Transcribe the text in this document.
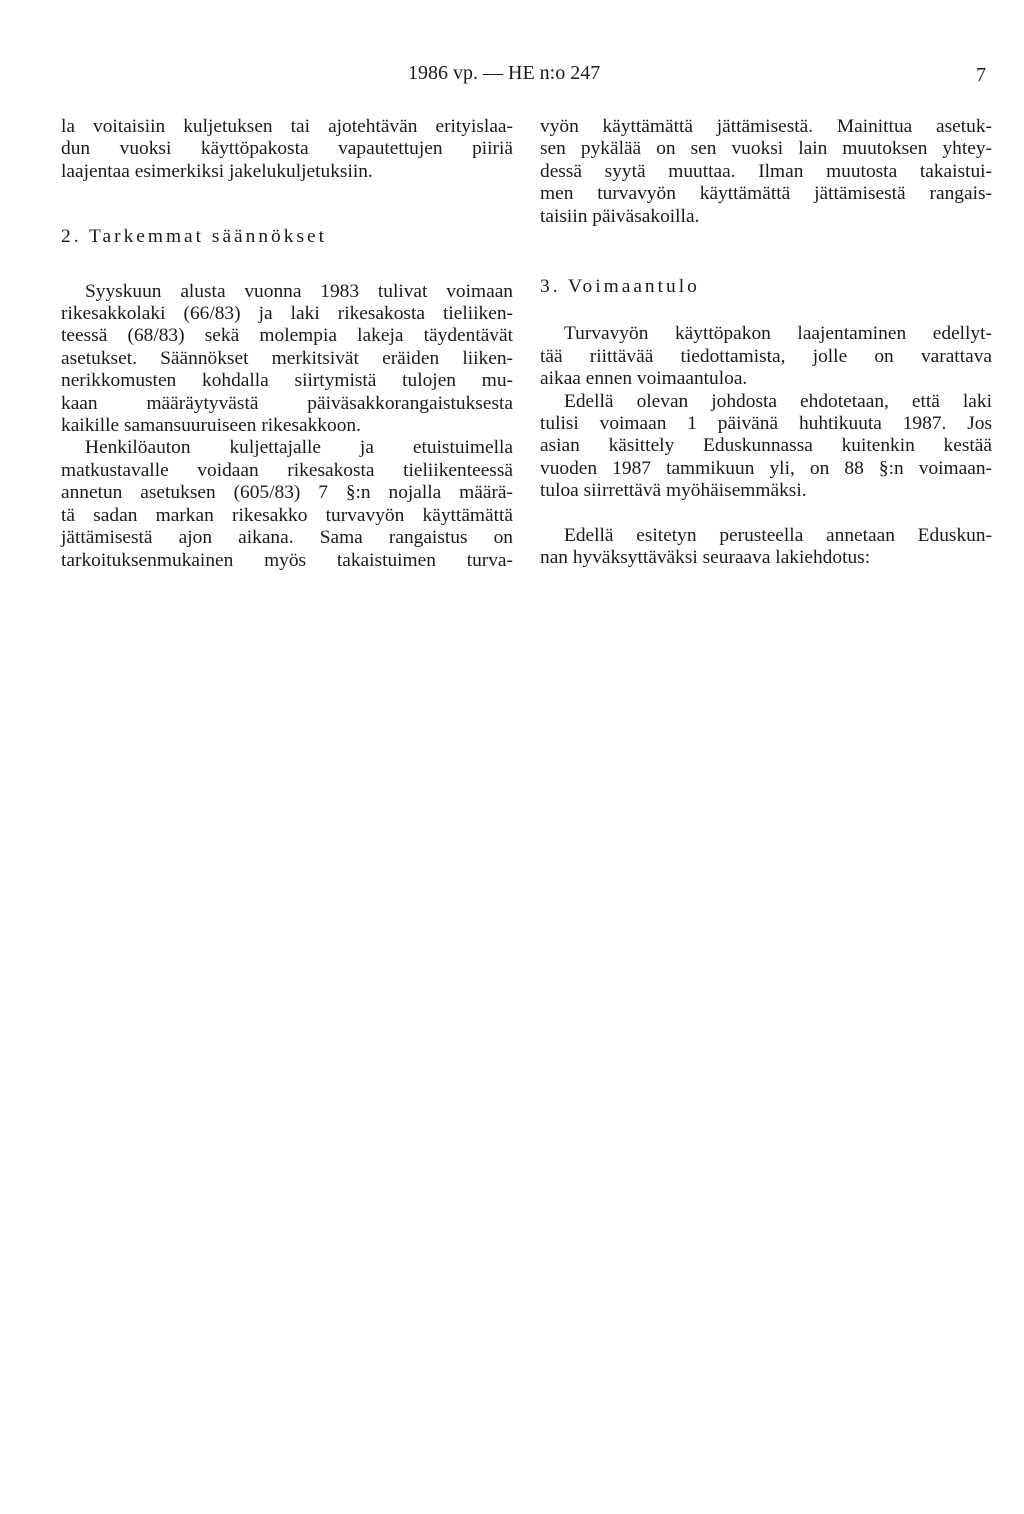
1986 vp. — HE n:o 247	7

la voitaisiin kuljetuksen tai ajotehtävän erityislaa-
dun vuoksi käyttöpakosta vapautettujen piiriä
laajentaa esimerkiksi jakelukuljetuksiin.

2. Tarkemmat säännökset

Syyskuun alusta vuonna 1983 tulivat voimaan
rikesakkolaki (66/83) ja laki rikesakosta tieliiken-
teessä (68/83) sekä molempia lakeja täydentävät
asetukset. Säännökset merkitsivät eräiden liiken-
nerikkomusten kohdalla siirtymistä tulojen mu-
kaan määräytyvästä päiväsakkorangaistuksesta
kaikille samansuuruiseen rikesakkoon.

Henkilöauton kuljettajalle ja etuistuimella
matkustavalle voidaan rikesakosta tieliikenteessä
annetun asetuksen (605/83) 7 §:n nojalla määrä-
tä sadan markan rikesakko turvavyön käyttämättä
jättämisestä ajon aikana. Sama rangaistus on
tarkoituksenmukainen myös takaistuimen turva-

vyön käyttämättä jättämisestä. Mainittua asetuk-
sen pykälää on sen vuoksi lain muutoksen yhtey-
dessä syytä muuttaa. Ilman muutosta takaistui-
men turvavyön käyttämättä jättämisestä rangais-
taisiin päiväsakoilla.

3. Voimaantulo

Turvavyön käyttöpakon laajentaminen edellyt-
tää riittävää tiedottamista, jolle on varattava
aikaa ennen voimaantuloa.

Edellä olevan johdosta ehdotetaan, että laki
tulisi voimaan 1 päivänä huhtikuuta 1987. Jos
asian käsittely Eduskunnassa kuitenkin kestää
vuoden 1987 tammikuun yli, on 88 §:n voimaan-
tuloa siirrettävä myöhäisemmäksi.

Edellä esitetyn perusteella annetaan Eduskun-
nan hyväksyttäväksi seuraava lakiehdotus:
